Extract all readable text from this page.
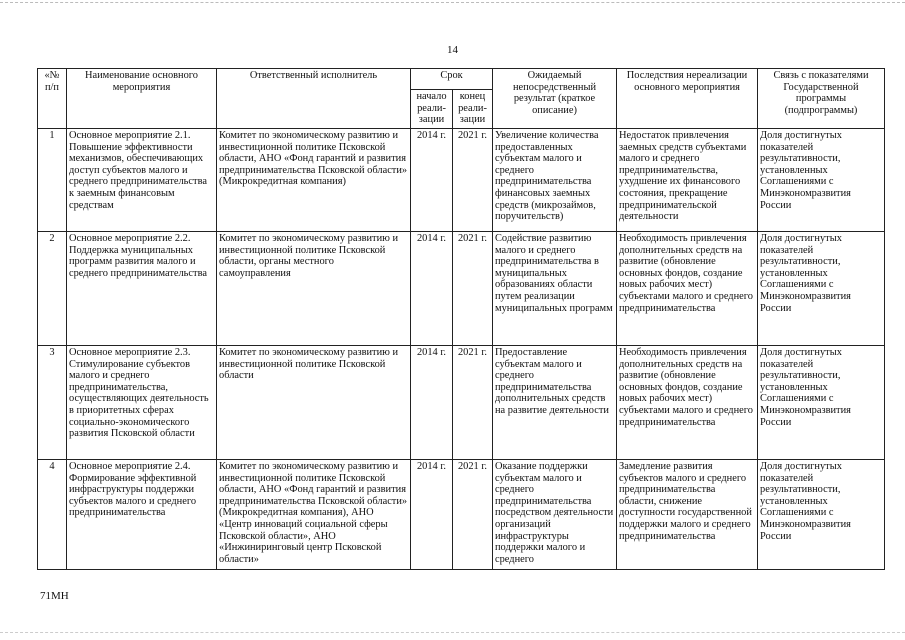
14
«№ п/п	Наименование основного мероприятия	Ответственный исполнитель	Срок		Ожидаемый непосредственный результат (краткое описание)	Последствия нереализации основного мероприятия	Связь с показателями Государственной программы (подпрограммы)
			начало реали-зации	конец реали-зации			
1	Основное мероприятие 2.1. Повышение эффективности механизмов, обеспечивающих доступ субъектов малого и среднего предпринимательства к заемным финансовым средствам	Комитет по экономическому развитию и инвестиционной политике Псковской области, АНО «Фонд гарантий и развития предпринимательства Псковской области» (Микрокредитная компания)	2014 г.	2021 г.	Увеличение количества предоставленных субъектам малого и среднего предпринимательства финансовых заемных средств (микрозаймов, поручительств)	Недостаток привлечения заемных средств субъектами малого и среднего предпринимательства, ухудшение их финансового состояния, прекращение предпринимательской деятельности	Доля достигнутых показателей результативности, установленных Соглашениями с Минэкономразвития России
2	Основное мероприятие 2.2. Поддержка муниципальных программ развития малого и среднего предпринимательства	Комитет по экономическому развитию и инвестиционной политике Псковской области, органы местного самоуправления	2014 г.	2021 г.	Содействие развитию малого и среднего предпринимательства в муниципальных образованиях области путем реализации муниципальных программ	Необходимость привлечения дополнительных средств на развитие (обновление основных фондов, создание новых рабочих мест) субъектами малого и среднего предпринимательства	Доля достигнутых показателей результативности, установленных Соглашениями с Минэкономразвития России
3	Основное мероприятие 2.3. Стимулирование субъектов малого и среднего предпринимательства, осуществляющих деятельность в приоритетных сферах социально-экономического развития Псковской области	Комитет по экономическому развитию и инвестиционной политике Псковской области	2014 г.	2021 г.	Предоставление субъектам малого и среднего предпринимательства дополнительных средств на развитие деятельности	Необходимость привлечения дополнительных средств на развитие (обновление основных фондов, создание новых рабочих мест) субъектами малого и среднего предпринимательства	Доля достигнутых показателей результативности, установленных Соглашениями с Минэкономразвития России
4	Основное мероприятие 2.4. Формирование эффективной инфраструктуры поддержки субъектов малого и среднего предпринимательства	Комитет по экономическому развитию и инвестиционной политике Псковской области, АНО «Фонд гарантий и развития предпринимательства Псковской области» (Микрокредитная компания), АНО «Центр инноваций социальной сферы Псковской области», АНО «Инжиниринговый центр Псковской области»	2014 г.	2021 г.	Оказание поддержки субъектам малого и среднего предпринимательства посредством деятельности организаций инфраструктуры поддержки малого и среднего	Замедление развития субъектов малого и среднего предпринимательства области, снижение доступности государственной поддержки малого и среднего предпринимательства	Доля достигнутых показателей результативности, установленных Соглашениями с Минэкономразвития России
71МН
